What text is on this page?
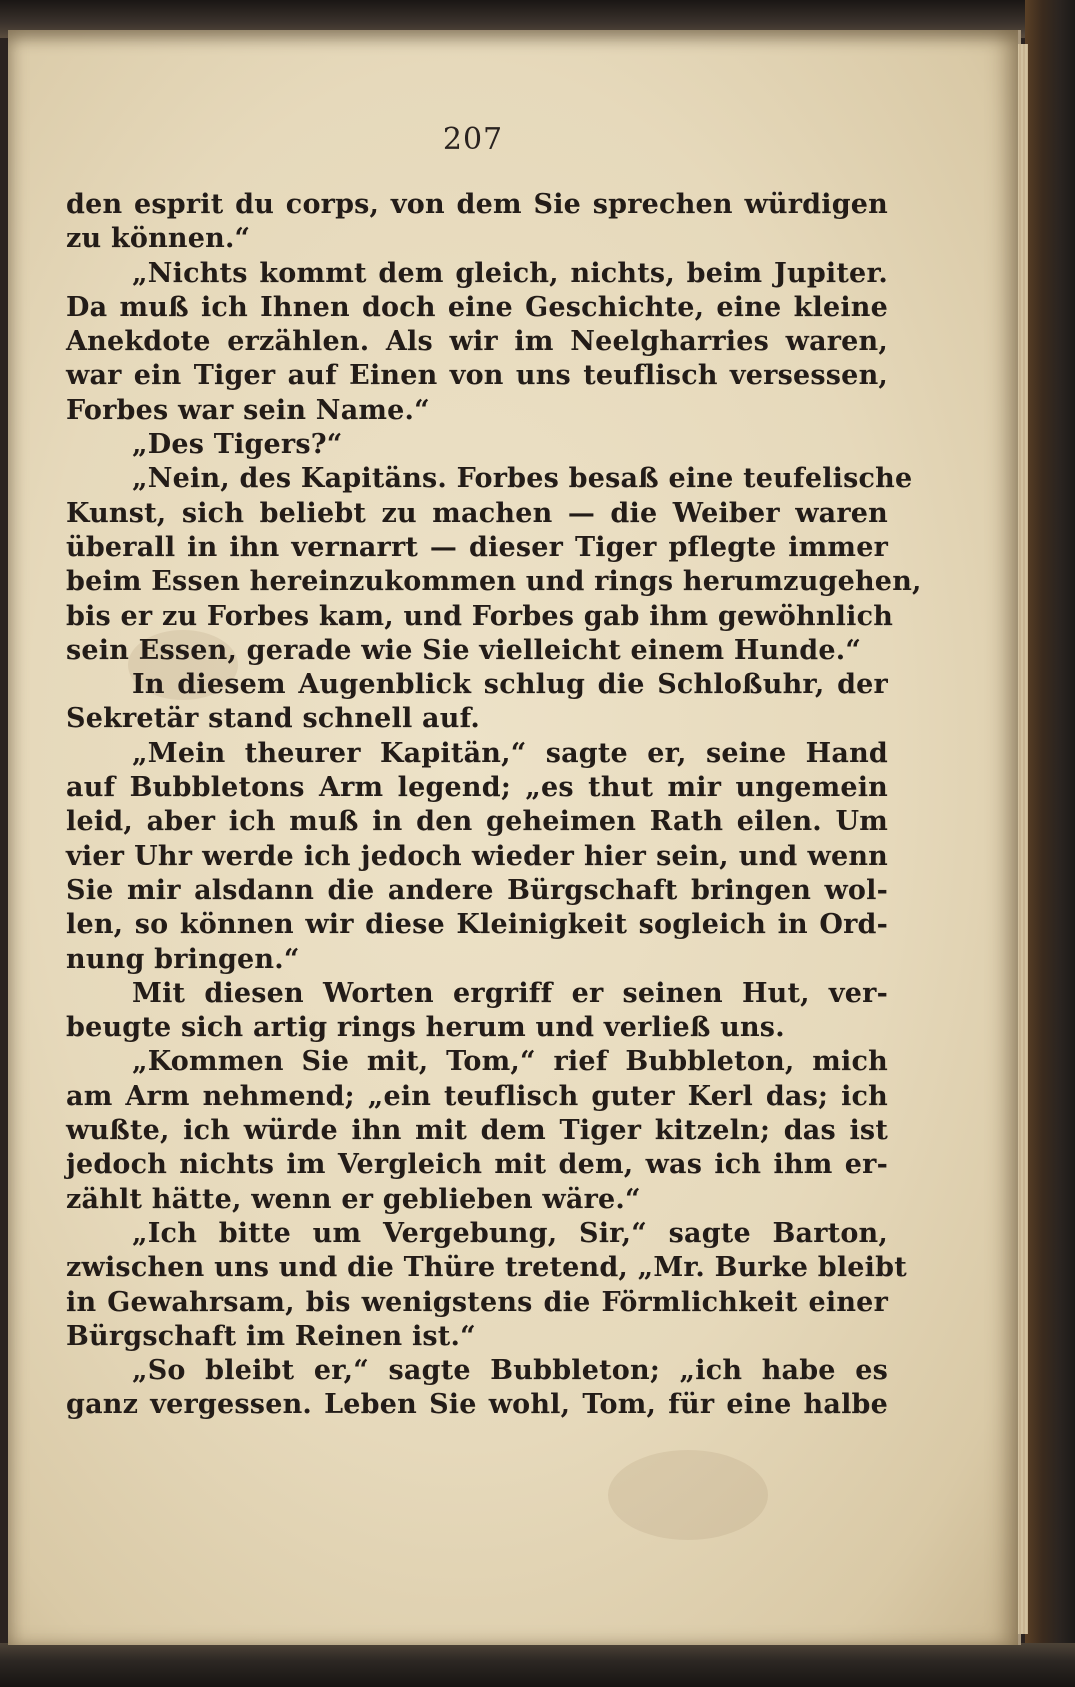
207
den esprit du corps, von dem Sie sprechen würdigen
zu können.“
„Nichts kommt dem gleich, nichts, beim Jupiter.
Da muß ich Ihnen doch eine Geschichte, eine kleine
Anekdote erzählen. Als wir im Neelgharries waren,
war ein Tiger auf Einen von uns teuflisch versessen,
Forbes war sein Name.“
„Des Tigers?“
„Nein, des Kapitäns. Forbes besaß eine teufelische
Kunst, sich beliebt zu machen — die Weiber waren
überall in ihn vernarrt — dieser Tiger pflegte immer
beim Essen hereinzukommen und rings herumzugehen,
bis er zu Forbes kam, und Forbes gab ihm gewöhnlich
sein Essen, gerade wie Sie vielleicht einem Hunde.“
In diesem Augenblick schlug die Schloßuhr, der
Sekretär stand schnell auf.
„Mein theurer Kapitän,“ sagte er, seine Hand
auf Bubbletons Arm legend; „es thut mir ungemein
leid, aber ich muß in den geheimen Rath eilen. Um
vier Uhr werde ich jedoch wieder hier sein, und wenn
Sie mir alsdann die andere Bürgschaft bringen wol-
len, so können wir diese Kleinigkeit sogleich in Ord-
nung bringen.“
Mit diesen Worten ergriff er seinen Hut, ver-
beugte sich artig rings herum und verließ uns.
„Kommen Sie mit, Tom,“ rief Bubbleton, mich
am Arm nehmend; „ein teuflisch guter Kerl das; ich
wußte, ich würde ihn mit dem Tiger kitzeln; das ist
jedoch nichts im Vergleich mit dem, was ich ihm er-
zählt hätte, wenn er geblieben wäre.“
„Ich bitte um Vergebung, Sir,“ sagte Barton,
zwischen uns und die Thüre tretend, „Mr. Burke bleibt
in Gewahrsam, bis wenigstens die Förmlichkeit einer
Bürgschaft im Reinen ist.“
„So bleibt er,“ sagte Bubbleton; „ich habe es
ganz vergessen. Leben Sie wohl, Tom, für eine halbe
